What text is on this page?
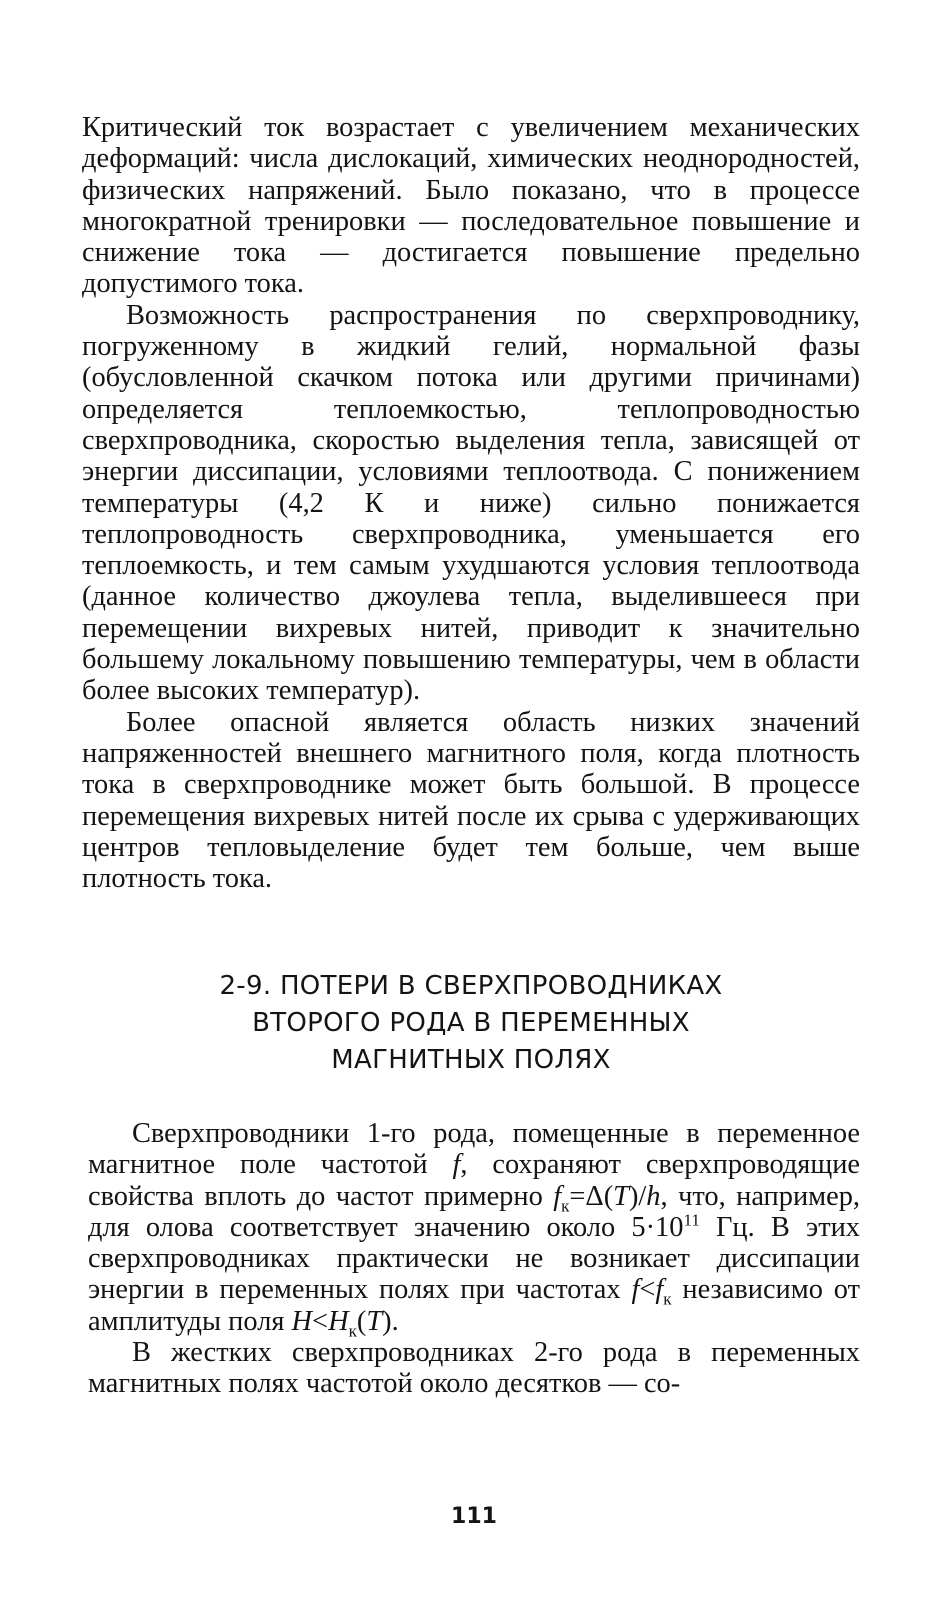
Критический ток возрастает с увеличением механических деформаций: числа дислокаций, химических неоднородностей, физических напряжений. Было показано, что в процессе многократной тренировки — последовательное повышение и снижение тока — достигается повышение предельно допустимого тока.

Возможность распространения по сверхпроводнику, погруженному в жидкий гелий, нормальной фазы (обусловленной скачком потока или другими причинами) определяется теплоемкостью, теплопроводностью сверхпроводника, скоростью выделения тепла, зависящей от энергии диссипации, условиями теплоотвода. С понижением температуры (4,2 К и ниже) сильно понижается теплопроводность сверхпроводника, уменьшается его теплоемкость, и тем самым ухудшаются условия теплоотвода (данное количество джоулева тепла, выделившееся при перемещении вихревых нитей, приводит к значительно большему локальному повышению температуры, чем в области более высоких температур).

Более опасной является область низких значений напряженностей внешнего магнитного поля, когда плотность тока в сверхпроводнике может быть большой. В процессе перемещения вихревых нитей после их срыва с удерживающих центров тепловыделение будет тем больше, чем выше плотность тока.

2-9. ПОТЕРИ В СВЕРХПРОВОДНИКАХ
ВТОРОГО РОДА В ПЕРЕМЕННЫХ
МАГНИТНЫХ ПОЛЯХ

Сверхпроводники 1-го рода, помещенные в переменное магнитное поле частотой f, сохраняют сверхпроводящие свойства вплоть до частот примерно $f_к=\Delta(T)/h$, что, например, для олова соответствует значению около $5\cdot 10^{11}$ Гц. В этих сверхпроводниках практически не возникает диссипации энергии в переменных полях при частотах $f<f_к$ независимо от амплитуды поля $H<H_к(T)$.

В жестких сверхпроводниках 2-го рода в переменных магнитных полях частотой около десятков — со-

111
